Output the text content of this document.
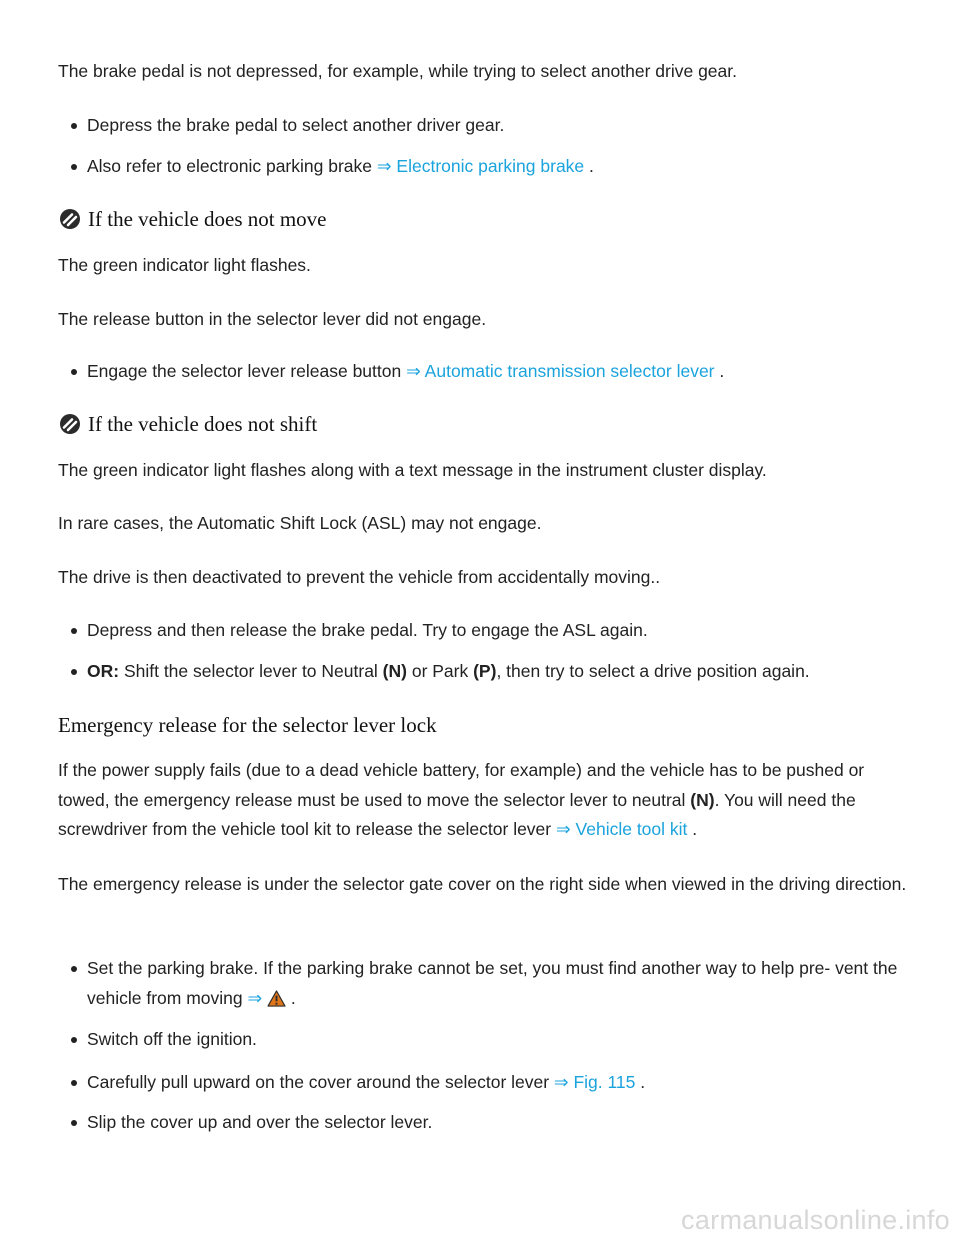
The brake pedal is not depressed, for example, while trying to select another drive gear.

Depress the brake pedal to select another driver gear.
Also refer to electronic parking brake ⇒ Electronic parking brake .
If the vehicle does not move

The green indicator light flashes.

The release button in the selector lever did not engage.

Engage the selector lever release button ⇒ Automatic transmission selector lever .
If the vehicle does not shift

The green indicator light flashes along with a text message in the instrument cluster display.

In rare cases, the Automatic Shift Lock (ASL) may not engage.

The drive is then deactivated to prevent the vehicle from accidentally moving..

Depress and then release the brake pedal. Try to engage the ASL again.
OR: Shift the selector lever to Neutral (N) or Park (P), then try to select a drive position again.
Emergency release for the selector lever lock

If the power supply fails (due to a dead vehicle battery, for example) and the vehicle has to be pushed or towed, the emergency release must be used to move the selector lever to neutral (N). You will need the screwdriver from the vehicle tool kit to release the selector lever ⇒ Vehicle tool kit .

The emergency release is under the selector gate cover on the right side when viewed in the driving direction.

Set the parking brake. If the parking brake cannot be set, you must find another way to help pre- vent the vehicle from moving ⇒  .
Switch off the ignition.
Carefully pull upward on the cover around the selector lever ⇒ Fig. 115 .
Slip the cover up and over the selector lever.
carmanualsonline.info
